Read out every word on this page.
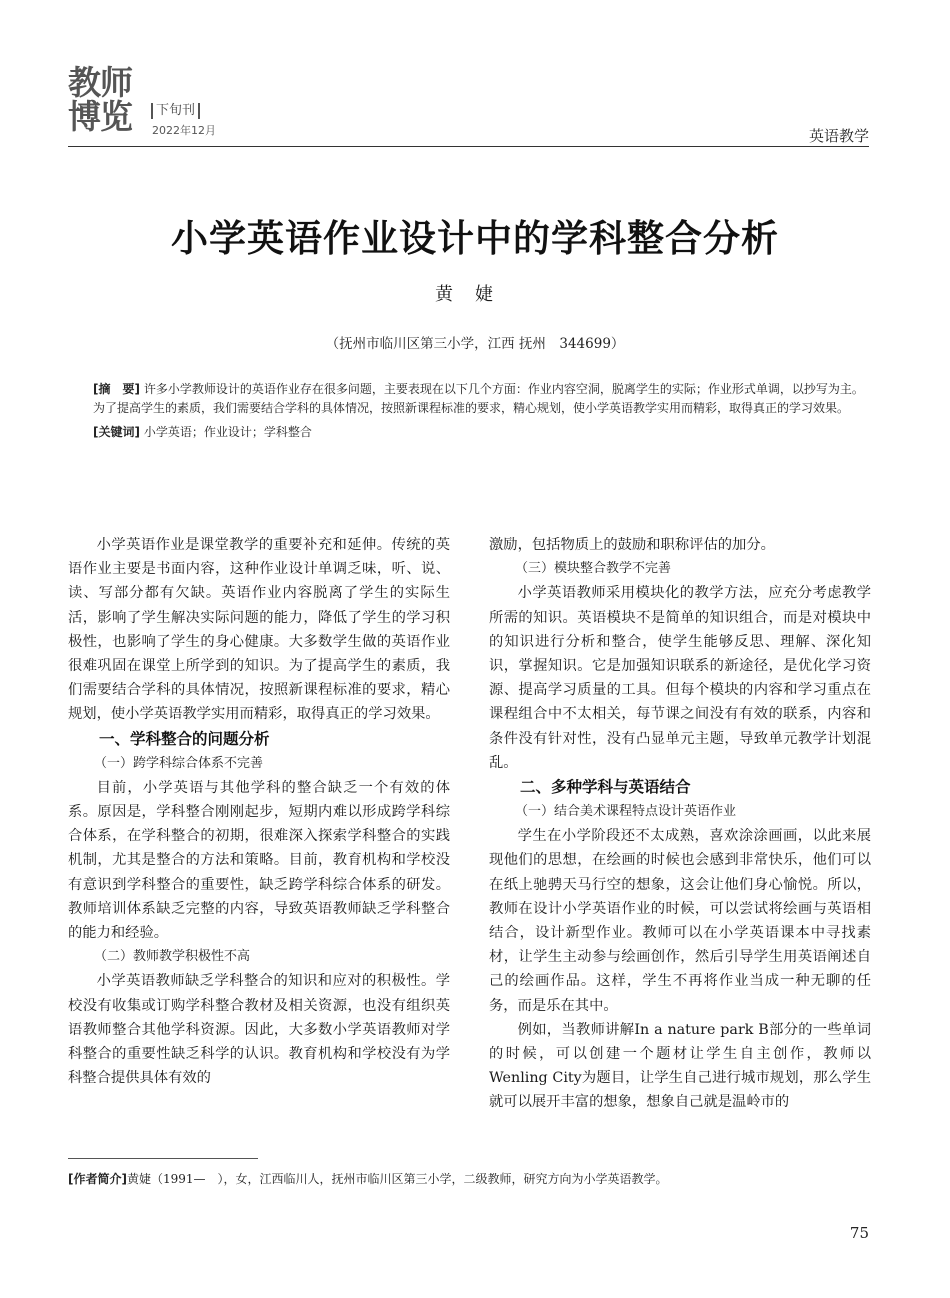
教师
博览	下旬刊
2022年12月	英语教学
小学英语作业设计中的学科整合分析
黄婕
（抚州市临川区第三小学，江西 抚州　344699）
[摘　要] 许多小学教师设计的英语作业存在很多问题，主要表现在以下几个方面：作业内容空洞，脱离学生的实际；作业形式单调，以抄写为主。为了提高学生的素质，我们需要结合学科的具体情况，按照新课程标准的要求，精心规划，使小学英语教学实用而精彩，取得真正的学习效果。
[关键词] 小学英语；作业设计；学科整合

小学英语作业是课堂教学的重要补充和延伸。传统的英语作业主要是书面内容，这种作业设计单调乏味，听、说、读、写部分都有欠缺。英语作业内容脱离了学生的实际生活，影响了学生解决实际问题的能力，降低了学生的学习积极性，也影响了学生的身心健康。大多数学生做的英语作业很难巩固在课堂上所学到的知识。为了提高学生的素质，我们需要结合学科的具体情况，按照新课程标准的要求，精心规划，使小学英语教学实用而精彩，取得真正的学习效果。

一、学科整合的问题分析
（一）跨学科综合体系不完善

目前，小学英语与其他学科的整合缺乏一个有效的体系。原因是，学科整合刚刚起步，短期内难以形成跨学科综合体系，在学科整合的初期，很难深入探索学科整合的实践机制，尤其是整合的方法和策略。目前，教育机构和学校没有意识到学科整合的重要性，缺乏跨学科综合体系的研发。教师培训体系缺乏完整的内容，导致英语教师缺乏学科整合的能力和经验。

（二）教师教学积极性不高

小学英语教师缺乏学科整合的知识和应对的积极性。学校没有收集或订购学科整合教材及相关资源，也没有组织英语教师整合其他学科资源。因此，大多数小学英语教师对学科整合的重要性缺乏科学的认识。教育机构和学校没有为学科整合提供具体有效的

激励，包括物质上的鼓励和职称评估的加分。

（三）模块整合教学不完善

小学英语教师采用模块化的教学方法，应充分考虑教学所需的知识。英语模块不是简单的知识组合，而是对模块中的知识进行分析和整合，使学生能够反思、理解、深化知识，掌握知识。它是加强知识联系的新途径，是优化学习资源、提高学习质量的工具。但每个模块的内容和学习重点在课程组合中不太相关，每节课之间没有有效的联系，内容和条件没有针对性，没有凸显单元主题，导致单元教学计划混乱。

二、多种学科与英语结合
（一）结合美术课程特点设计英语作业

学生在小学阶段还不太成熟，喜欢涂涂画画，以此来展现他们的思想，在绘画的时候也会感到非常快乐，他们可以在纸上驰骋天马行空的想象，这会让他们身心愉悦。所以，教师在设计小学英语作业的时候，可以尝试将绘画与英语相结合，设计新型作业。教师可以在小学英语课本中寻找素材，让学生主动参与绘画创作，然后引导学生用英语阐述自己的绘画作品。这样，学生不再将作业当成一种无聊的任务，而是乐在其中。

例如，当教师讲解In a nature park B部分的一些单词的时候，可以创建一个题材让学生自主创作，教师以Wenling City为题目，让学生自己进行城市规划，那么学生就可以展开丰富的想象，想象自己就是温岭市的

[作者简介]黄婕（1991—　），女，江西临川人，抚州市临川区第三小学，二级教师，研究方向为小学英语教学。
75
